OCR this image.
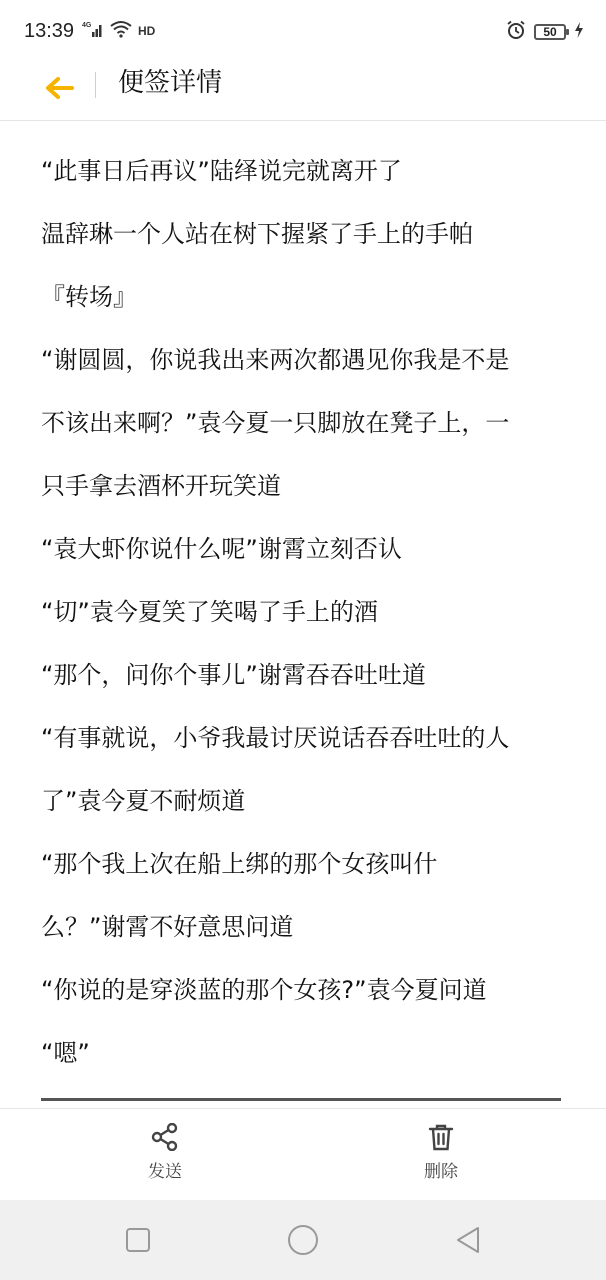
13:39 4G	HD	50
便签详情
“此事日后再议”陆绎说完就离开了
温辞琳一个人站在树下握紧了手上的手帕
『转场』
“谢圆圆，你说我出来两次都遇见你我是不是
不该出来啊？”袁今夏一只脚放在凳子上，一
只手拿去酒杯开玩笑道
“袁大虾你说什么呢”谢霄立刻否认
“切”袁今夏笑了笑喝了手上的酒
“那个，问你个事儿”谢霄吞吞吐吐道
“有事就说，小爷我最讨厌说话吞吞吐吐的人
了”袁今夏不耐烦道
“那个我上次在船上绑的那个女孩叫什
么？”谢霄不好意思问道
“你说的是穿淡蓝的那个女孩?”袁今夏问道
“嗯”
发送	删除
